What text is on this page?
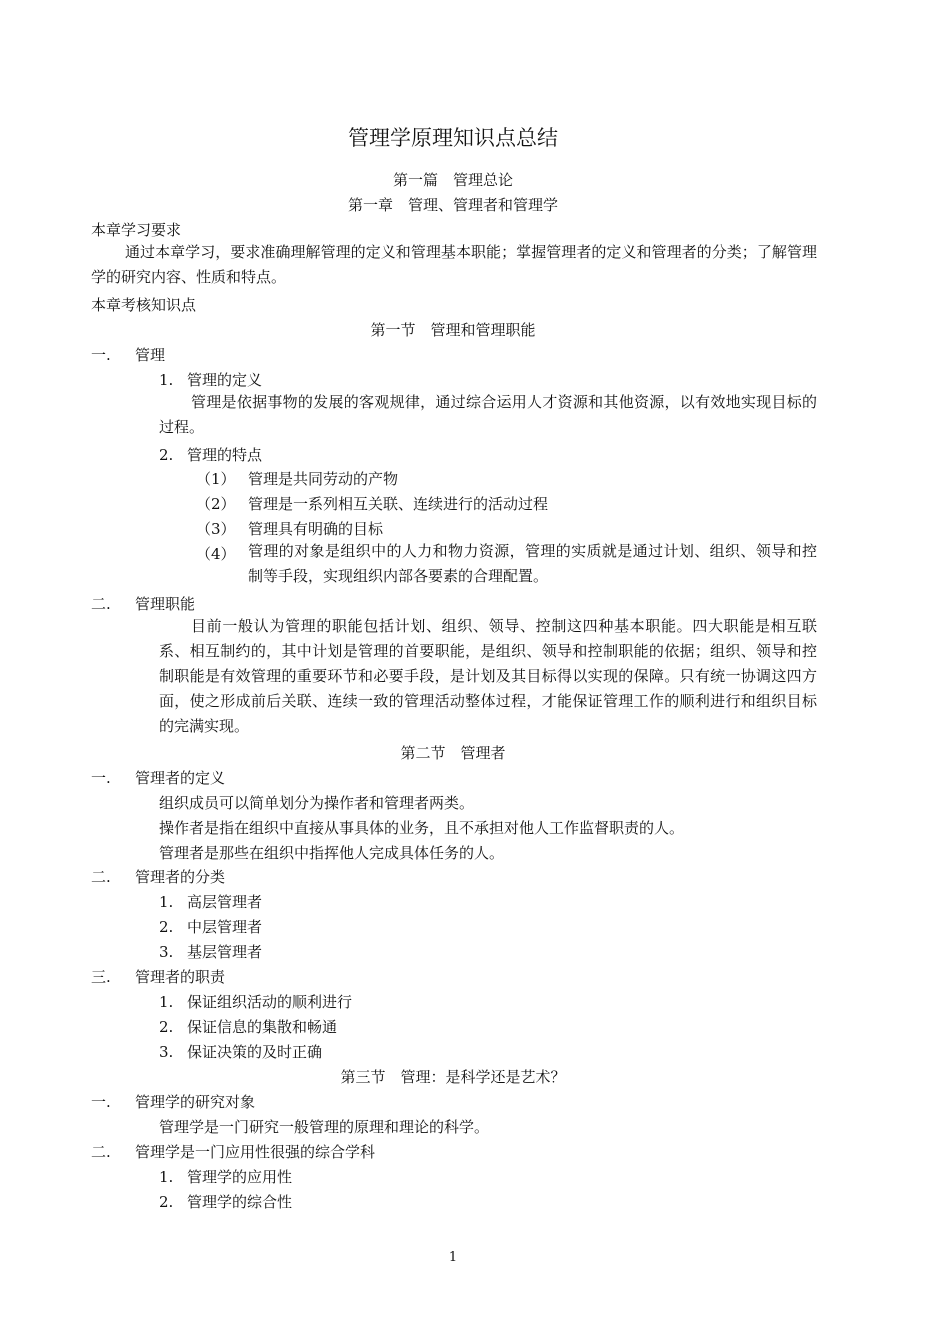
管理学原理知识点总结
第一篇　管理总论
第一章　管理、管理者和管理学
本章学习要求
通过本章学习，要求准确理解管理的定义和管理基本职能；掌握管理者的定义和管理者的分类；了解管理学的研究内容、性质和特点。
本章考核知识点
第一节　管理和管理职能
一. 管理
1. 管理的定义
管理是依据事物的发展的客观规律，通过综合运用人才资源和其他资源，以有效地实现目标的过程。
2. 管理的特点
（1） 管理是共同劳动的产物
（2） 管理是一系列相互关联、连续进行的活动过程
（3） 管理具有明确的目标
（4） 管理的对象是组织中的人力和物力资源，管理的实质就是通过计划、组织、领导和控制等手段，实现组织内部各要素的合理配置。
二. 管理职能
目前一般认为管理的职能包括计划、组织、领导、控制这四种基本职能。四大职能是相互联系、相互制约的，其中计划是管理的首要职能，是组织、领导和控制职能的依据；组织、领导和控制职能是有效管理的重要环节和必要手段，是计划及其目标得以实现的保障。只有统一协调这四方面，使之形成前后关联、连续一致的管理活动整体过程，才能保证管理工作的顺利进行和组织目标的完满实现。
第二节　管理者
一. 管理者的定义
组织成员可以简单划分为操作者和管理者两类。
操作者是指在组织中直接从事具体的业务，且不承担对他人工作监督职责的人。
管理者是那些在组织中指挥他人完成具体任务的人。
二. 管理者的分类
1. 高层管理者
2. 中层管理者
3. 基层管理者
三. 管理者的职责
1. 保证组织活动的顺利进行
2. 保证信息的集散和畅通
3. 保证决策的及时正确
第三节　管理：是科学还是艺术？
一. 管理学的研究对象
管理学是一门研究一般管理的原理和理论的科学。
二. 管理学是一门应用性很强的综合学科
1. 管理学的应用性
2. 管理学的综合性
1
